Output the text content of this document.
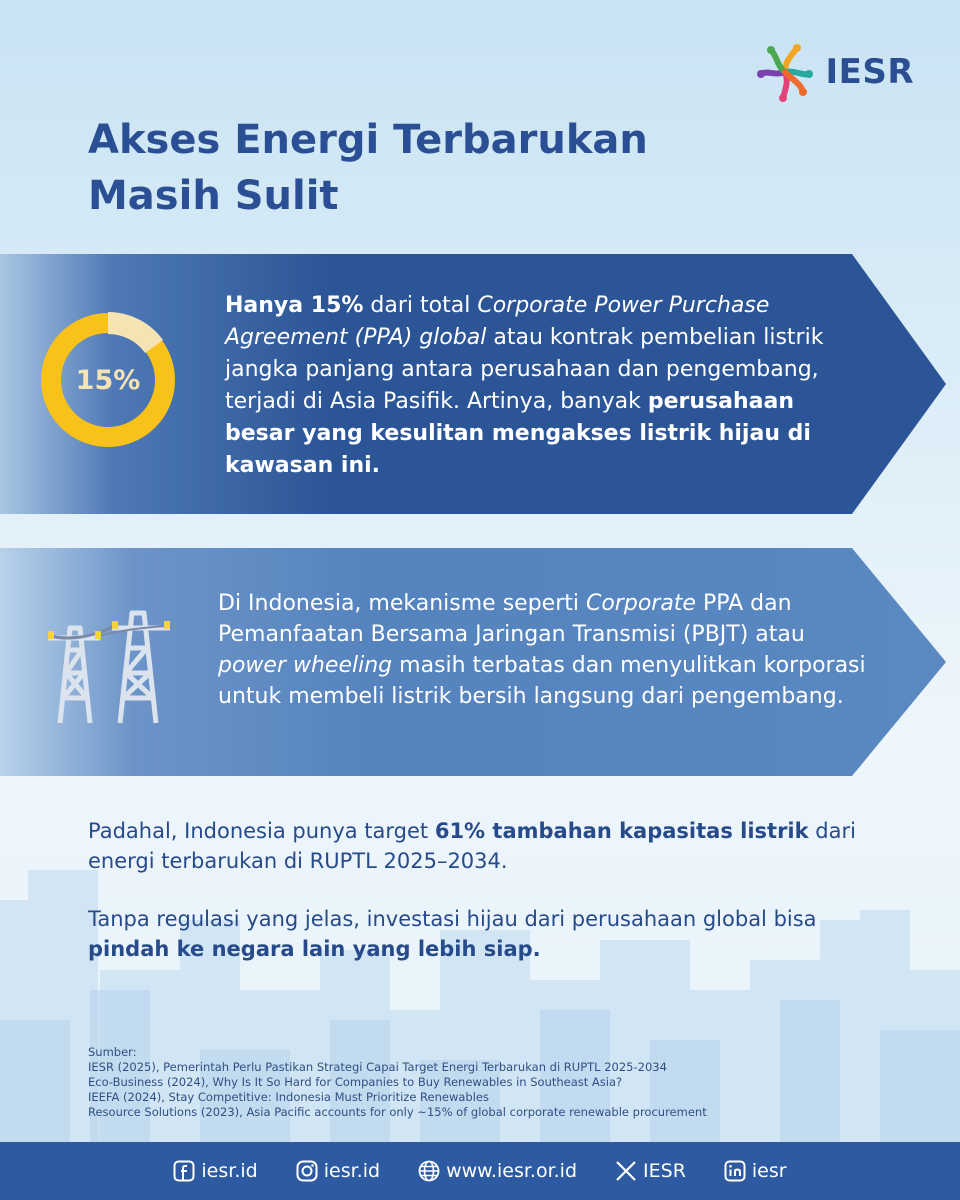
IESR
Akses Energi Terbarukan
Masih Sulit
15%

Hanya 15% dari total Corporate Power Purchase Agreement (PPA) global atau kontrak pembelian listrik jangka panjang antara perusahaan dan pengembang, terjadi di Asia Pasifik. Artinya, banyak perusahaan besar yang kesulitan mengakses listrik hijau di kawasan ini.

Di Indonesia, mekanisme seperti Corporate PPA dan Pemanfaatan Bersama Jaringan Transmisi (PBJT) atau power wheeling masih terbatas dan menyulitkan korporasi untuk membeli listrik bersih langsung dari pengembang.

Padahal, Indonesia punya target 61% tambahan kapasitas listrik dari energi terbarukan di RUPTL 2025–2034.

Tanpa regulasi yang jelas, investasi hijau dari perusahaan global bisa pindah ke negara lain yang lebih siap.

Sumber:
IESR (2025), Pemerintah Perlu Pastikan Strategi Capai Target Energi Terbarukan di RUPTL 2025-2034
Eco-Business (2024), Why Is It So Hard for Companies to Buy Renewables in Southeast Asia?
IEEFA (2024), Stay Competitive: Indonesia Must Prioritize Renewables
Resource Solutions (2023), Asia Pacific accounts for only ~15% of global corporate renewable procurement
iesr.id	iesr.id	www.iesr.or.id	IESR	iesr
